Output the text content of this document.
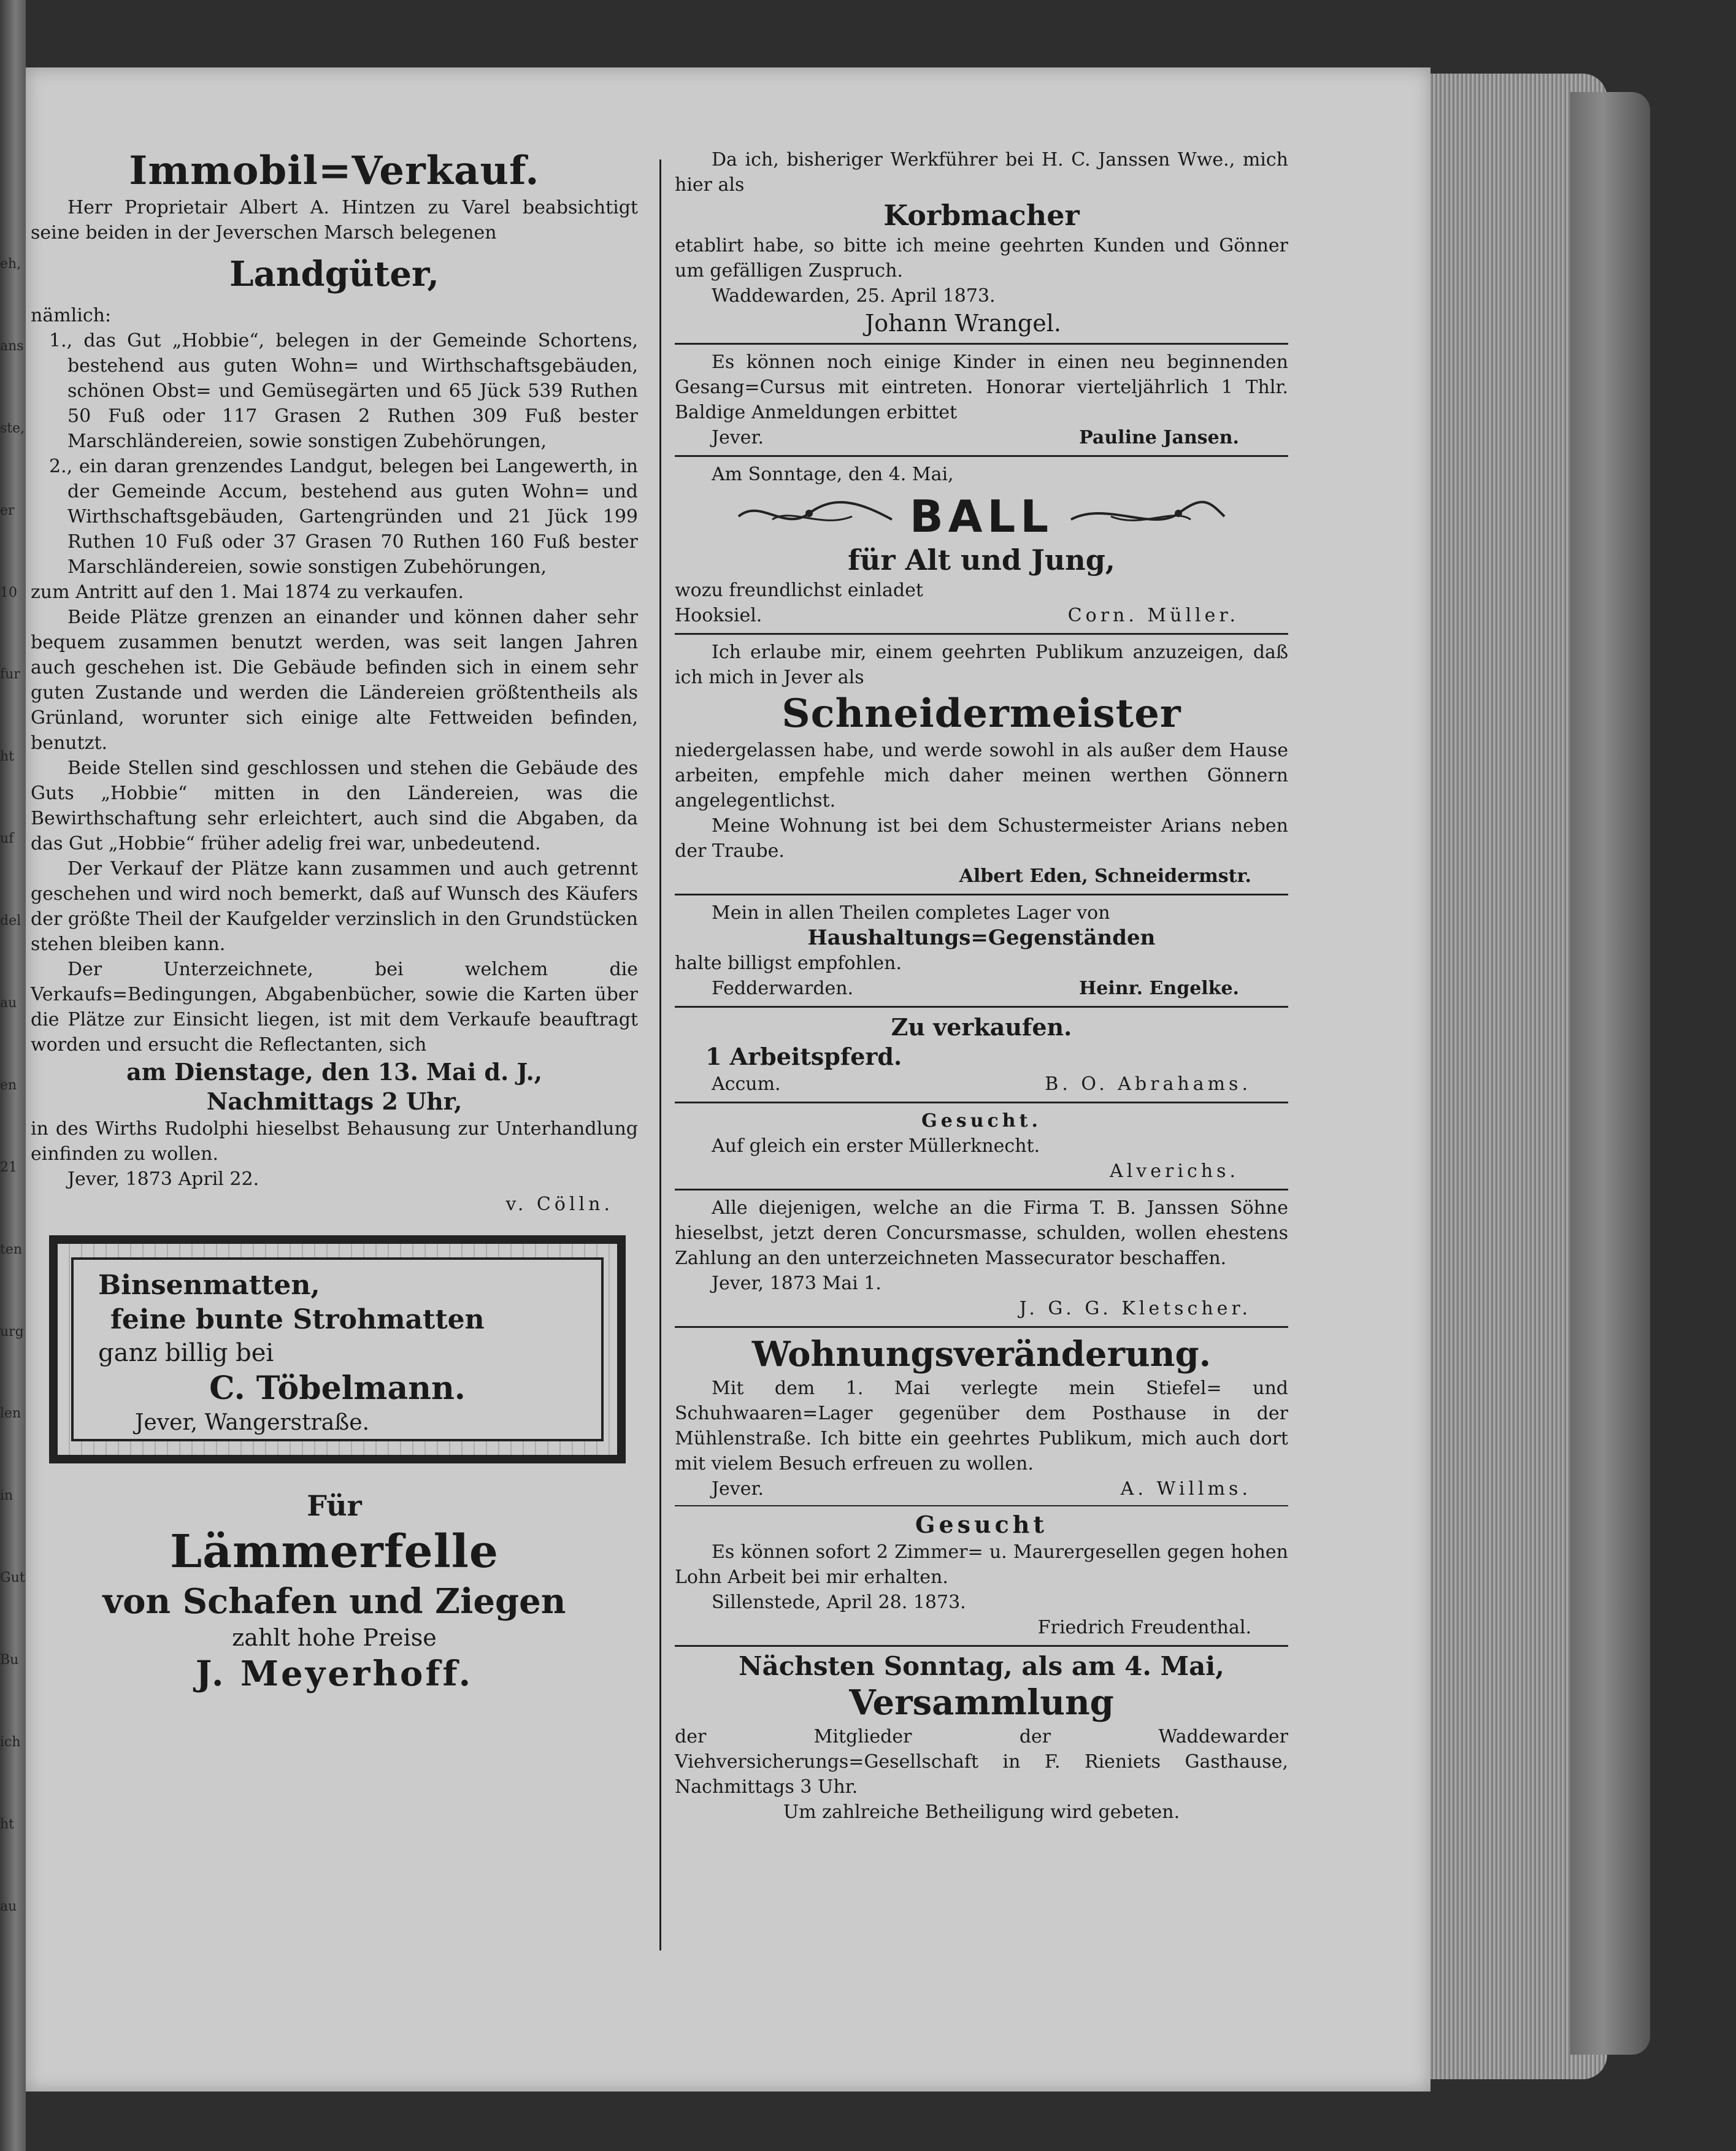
eh,
ans
ste,
er
10
fur
ht
uf
del
au
en
21
ten
urg
len
in
Gut
Bu
ich
ht
au

Immobil=Verkauf.

Herr Proprietair Albert A. Hintzen zu Varel beabsichtigt seine beiden in der Jeverschen Marsch belegenen

Landgüter,

nämlich:

1., das Gut „Hobbie“, belegen in der Gemeinde Schortens, bestehend aus guten Wohn= und Wirthschaftsgebäuden, schönen Obst= und Gemüsegärten und 65 Jück 539 Ruthen 50 Fuß oder 117 Grasen 2 Ruthen 309 Fuß bester Marschländereien, sowie sonstigen Zubehörungen,

2., ein daran grenzendes Landgut, belegen bei Langewerth, in der Gemeinde Accum, bestehend aus guten Wohn= und Wirthschaftsgebäuden, Gartengründen und 21 Jück 199 Ruthen 10 Fuß oder 37 Grasen 70 Ruthen 160 Fuß bester Marschländereien, sowie sonstigen Zubehörungen,

zum Antritt auf den 1. Mai 1874 zu verkaufen.

Beide Plätze grenzen an einander und können daher sehr bequem zusammen benutzt werden, was seit langen Jahren auch geschehen ist. Die Gebäude befinden sich in einem sehr guten Zustande und werden die Ländereien größtentheils als Grünland, worunter sich einige alte Fettweiden befinden, benutzt.

Beide Stellen sind geschlossen und stehen die Gebäude des Guts „Hobbie“ mitten in den Ländereien, was die Bewirthschaftung sehr erleichtert, auch sind die Abgaben, da das Gut „Hobbie“ früher adelig frei war, unbedeutend.

Der Verkauf der Plätze kann zusammen und auch getrennt geschehen und wird noch bemerkt, daß auf Wunsch des Käufers der größte Theil der Kaufgelder verzinslich in den Grundstücken stehen bleiben kann.

Der Unterzeichnete, bei welchem die Verkaufs=Bedingungen, Abgabenbücher, sowie die Karten über die Plätze zur Einsicht liegen, ist mit dem Verkaufe beauftragt worden und ersucht die Reflectanten, sich

am Dienstage, den 13. Mai d. J.,

Nachmittags 2 Uhr,

in des Wirths Rudolphi hieselbst Behausung zur Unterhandlung einfinden zu wollen.

Jever, 1873 April 22.

v. Cölln.

Binsenmatten,

feine bunte Strohmatten

ganz billig bei

C. Töbelmann.

Jever, Wangerstraße.

Für

Lämmerfelle

von Schafen und Ziegen

zahlt hohe Preise

J. Meyerhoff.

Da ich, bisheriger Werkführer bei H. C. Janssen Wwe., mich hier als

Korbmacher

etablirt habe, so bitte ich meine geehrten Kunden und Gönner um gefälligen Zuspruch.

Waddewarden, 25. April 1873.

Johann Wrangel.

Es können noch einige Kinder in einen neu beginnenden Gesang=Cursus mit eintreten. Honorar vierteljährlich 1 Thlr. Baldige Anmeldungen erbittet

Jever.	Pauline Jansen.

Am Sonntage, den 4. Mai,

BALL

für Alt und Jung,

wozu freundlichst einladet

Hooksiel.	Corn. Müller.

Ich erlaube mir, einem geehrten Publikum anzuzeigen, daß ich mich in Jever als

Schneidermeister

niedergelassen habe, und werde sowohl in als außer dem Hause arbeiten, empfehle mich daher meinen werthen Gönnern angelegentlichst.

Meine Wohnung ist bei dem Schustermeister Arians neben der Traube.

Albert Eden, Schneidermstr.

Mein in allen Theilen completes Lager von

Haushaltungs=Gegenständen

halte billigst empfohlen.

Fedderwarden.	Heinr. Engelke.

Zu verkaufen.

1 Arbeitspferd.

Accum.	B. O. Abrahams.

Gesucht.

Auf gleich ein erster Müllerknecht.

Alverichs.

Alle diejenigen, welche an die Firma T. B. Janssen Söhne hieselbst, jetzt deren Concursmasse, schulden, wollen ehestens Zahlung an den unterzeichneten Massecurator beschaffen.

Jever, 1873 Mai 1.

J. G. G. Kletscher.

Wohnungsveränderung.

Mit dem 1. Mai verlegte mein Stiefel= und Schuhwaaren=Lager gegenüber dem Posthause in der Mühlenstraße. Ich bitte ein geehrtes Publikum, mich auch dort mit vielem Besuch erfreuen zu wollen.

Jever.	A. Willms.

Gesucht

Es können sofort 2 Zimmer= u. Maurergesellen gegen hohen Lohn Arbeit bei mir erhalten.

Sillenstede, April 28. 1873.

Friedrich Freudenthal.

Nächsten Sonntag, als am 4. Mai,

Versammlung

der Mitglieder der Waddewarder Viehversicherungs=Gesellschaft in F. Rieniets Gasthause, Nachmittags 3 Uhr.

Um zahlreiche Betheiligung wird gebeten.
